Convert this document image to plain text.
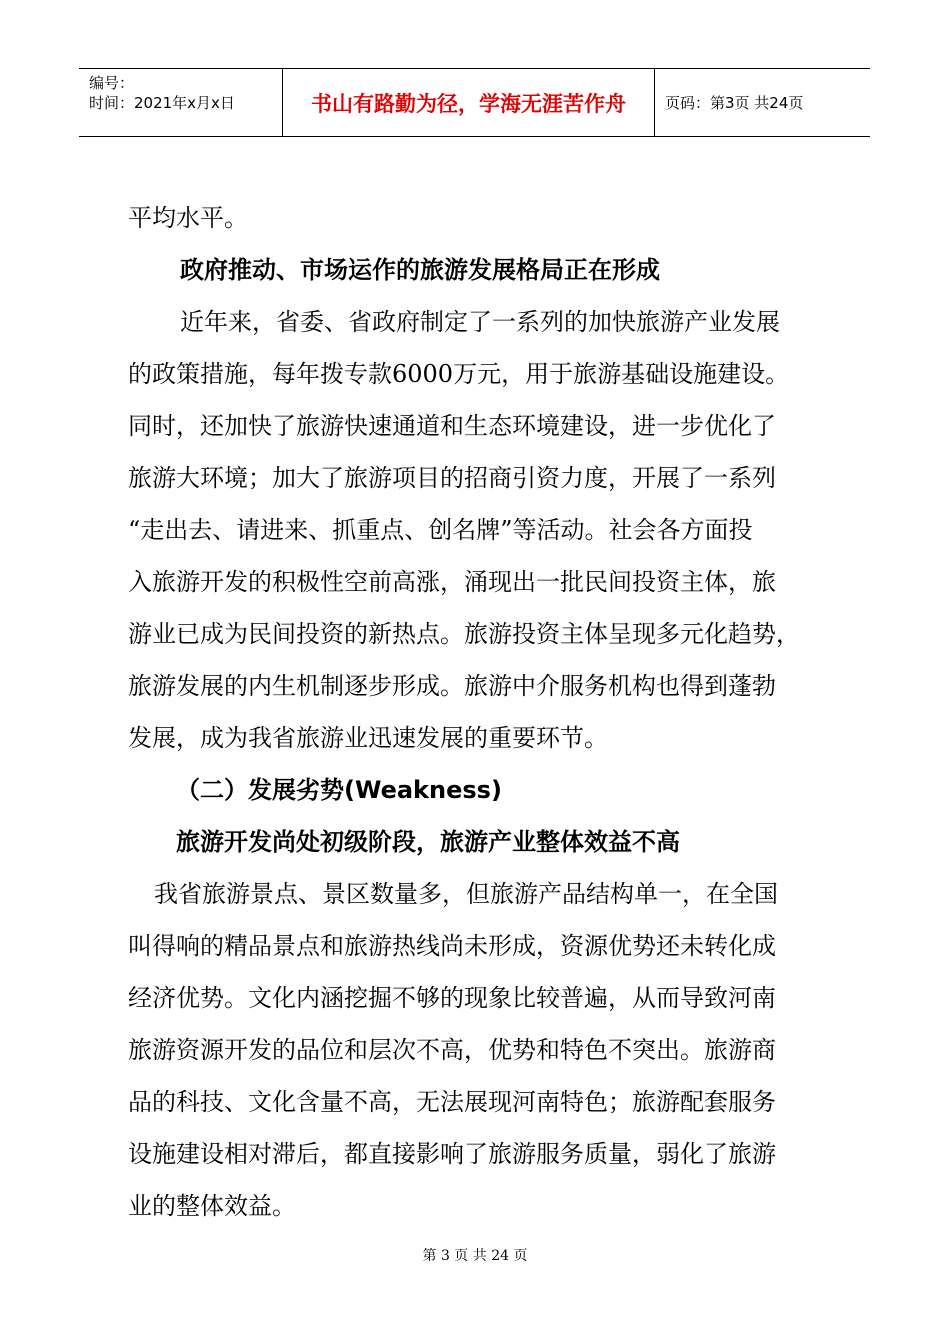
编号：
时间：2021年x月x日	书山有路勤为径，学海无涯苦作舟	页码：第3页 共24页
平均水平。
政府推动、市场运作的旅游发展格局正在形成
近年来，省委、省政府制定了一系列的加快旅游产业发展
的政策措施，每年拨专款6000万元，用于旅游基础设施建设。
同时，还加快了旅游快速通道和生态环境建设，进一步优化了
旅游大环境；加大了旅游项目的招商引资力度，开展了一系列
“走出去、请进来、抓重点、创名牌”等活动。社会各方面投
入旅游开发的积极性空前高涨，涌现出一批民间投资主体，旅
游业已成为民间投资的新热点。旅游投资主体呈现多元化趋势，
旅游发展的内生机制逐步形成。旅游中介服务机构也得到蓬勃
发展，成为我省旅游业迅速发展的重要环节。
（二）发展劣势(Weakness)
旅游开发尚处初级阶段，旅游产业整体效益不高
我省旅游景点、景区数量多，但旅游产品结构单一，在全国
叫得响的精品景点和旅游热线尚未形成，资源优势还未转化成
经济优势。文化内涵挖掘不够的现象比较普遍，从而导致河南
旅游资源开发的品位和层次不高，优势和特色不突出。旅游商
品的科技、文化含量不高，无法展现河南特色；旅游配套服务
设施建设相对滞后，都直接影响了旅游服务质量，弱化了旅游
业的整体效益。
第 3 页 共 24 页
